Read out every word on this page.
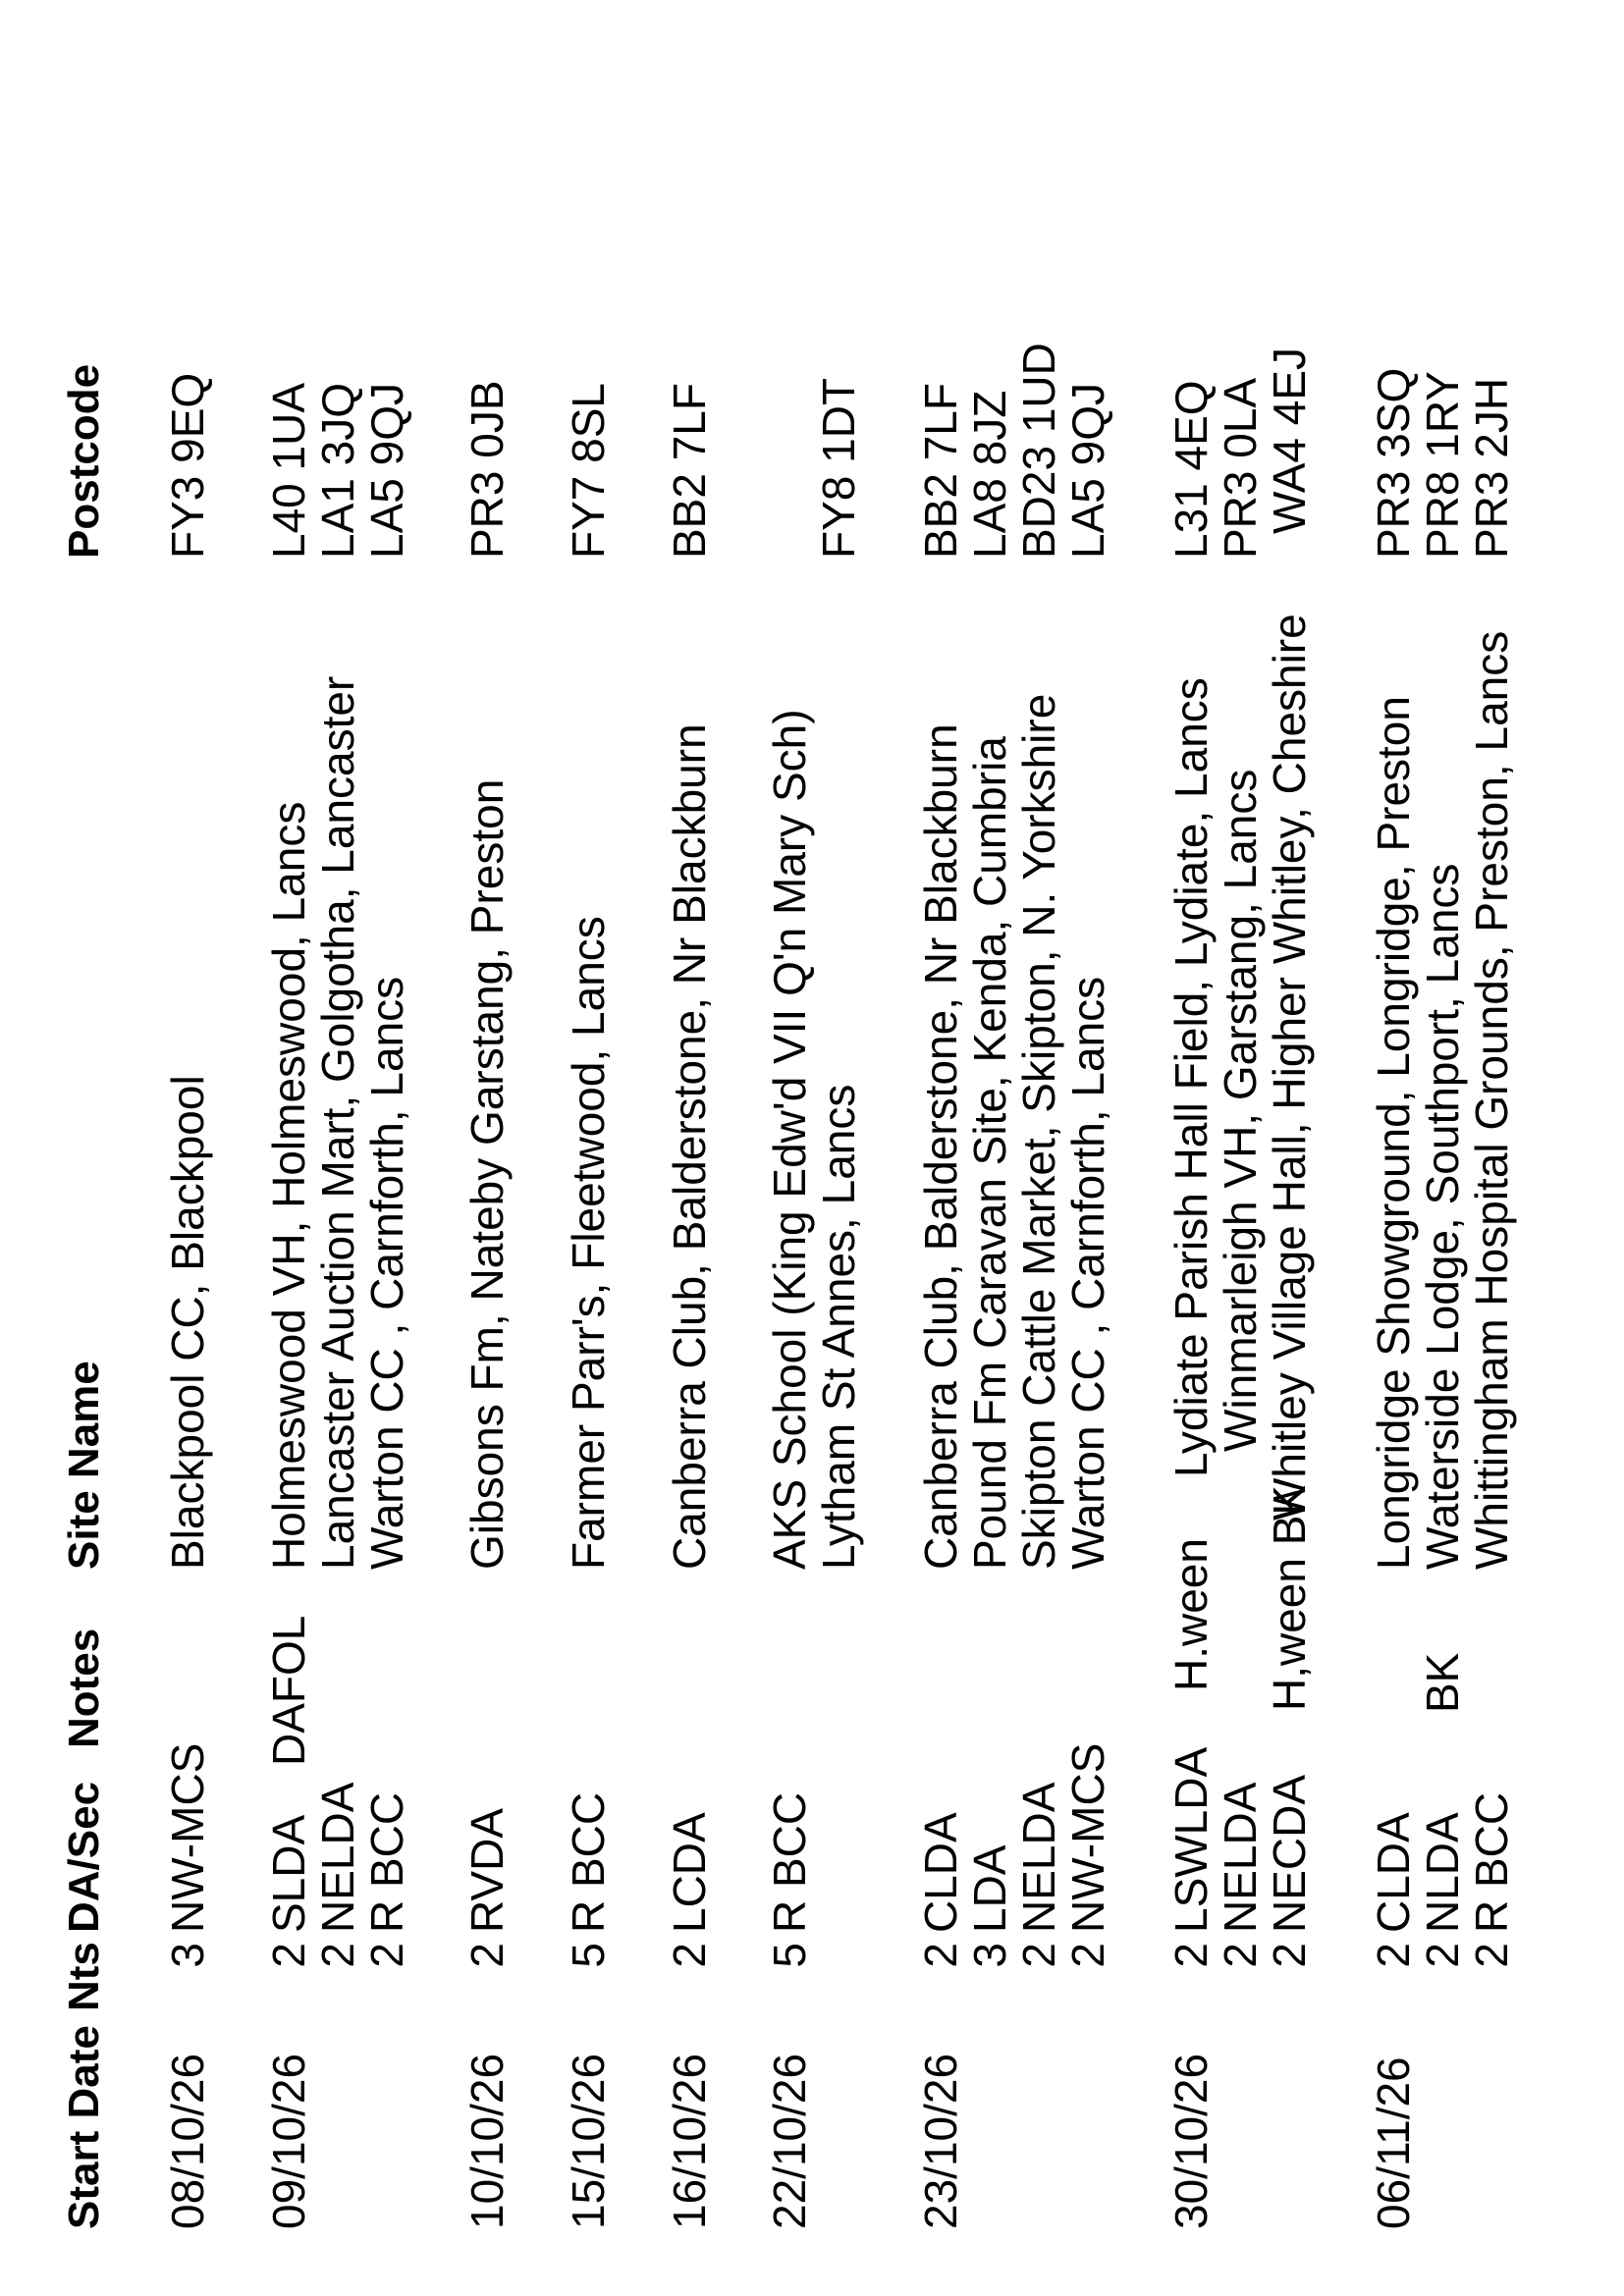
Start Date
Nts
DA/Sec
Notes
Site Name
Postcode
08/10/26
3
NW-MCS
Blackpool CC, Blackpool
FY3 9EQ
09/10/26
2
SLDA
DAFOL
Holmeswood VH, Holmeswood, Lancs
L40 1UA
2
NELDA
Lancaster Auction Mart, Golgotha, Lancaster
LA1 3JQ
2
R BCC
Warton CC , Carnforth, Lancs
LA5 9QJ
10/10/26
2
RVDA
Gibsons Fm, Nateby Garstang, Preston
PR3 0JB
15/10/26
5
R BCC
Farmer Parr's, Fleetwood, Lancs
FY7 8SL
16/10/26
2
LCDA
Canberra Club, Balderstone, Nr Blackburn
BB2 7LF
22/10/26
5
R BCC
AKS School (King Edw'd VII Q'n Mary Sch)
Lytham St Annes, Lancs
FY8 1DT
23/10/26
2
CLDA
Canberra Club, Balderstone, Nr Blackburn
BB2 7LF
3
LDA
Pound Fm Caravan Site, Kenda, Cumbria
LA8 8JZ
2
NELDA
Skipton Cattle Market, Skipton, N. Yorkshire
BD23 1UD
2
NW-MCS
Warton CC , Carnforth, Lancs
LA5 9QJ
30/10/26
2
LSWLDA
H.ween
Lydiate Parish Hall Field, Lydiate, Lancs
L31 4EQ
2
NELDA
Winmarleigh VH, Garstang, Lancs
PR3 0LA
2
NECDA
H,ween BK
Whitley Village Hall, Higher Whitley, Cheshire
WA4 4EJ
06/11/26
2
CLDA
Longridge Showground, Longridge, Preston
PR3 3SQ
2
NLDA
BK
Waterside Lodge, Southport, Lancs
PR8 1RY
2
R BCC
Whittingham Hospital Grounds, Preston, Lancs
PR3 2JH
